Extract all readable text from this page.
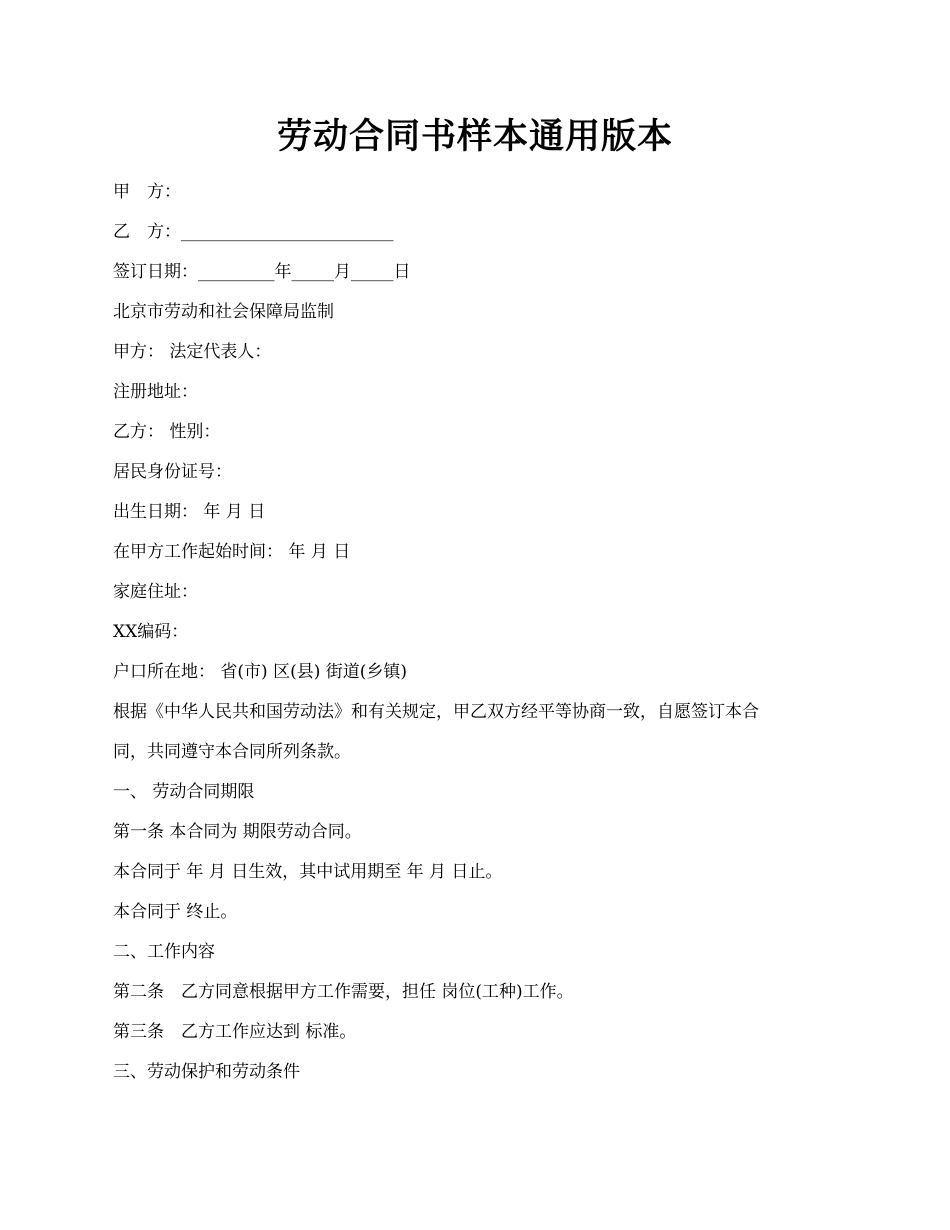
劳动合同书样本通用版本

甲　方：

乙　方：_________________________

签订日期：_________年_____月_____日

北京市劳动和社会保障局监制

甲方： 法定代表人：

注册地址：

乙方： 性别：

居民身份证号：

出生日期： 年 月 日

在甲方工作起始时间： 年 月 日

家庭住址：

XX编码：

户口所在地： 省(市) 区(县) 街道(乡镇)

根据《中华人民共和国劳动法》和有关规定，甲乙双方经平等协商一致，自愿签订本合

同，共同遵守本合同所列条款。

一、 劳动合同期限

第一条 本合同为 期限劳动合同。

本合同于 年 月 日生效，其中试用期至 年 月 日止。

本合同于 终止。

二、工作内容

第二条　乙方同意根据甲方工作需要，担任 岗位(工种)工作。

第三条　乙方工作应达到 标准。

三、劳动保护和劳动条件
